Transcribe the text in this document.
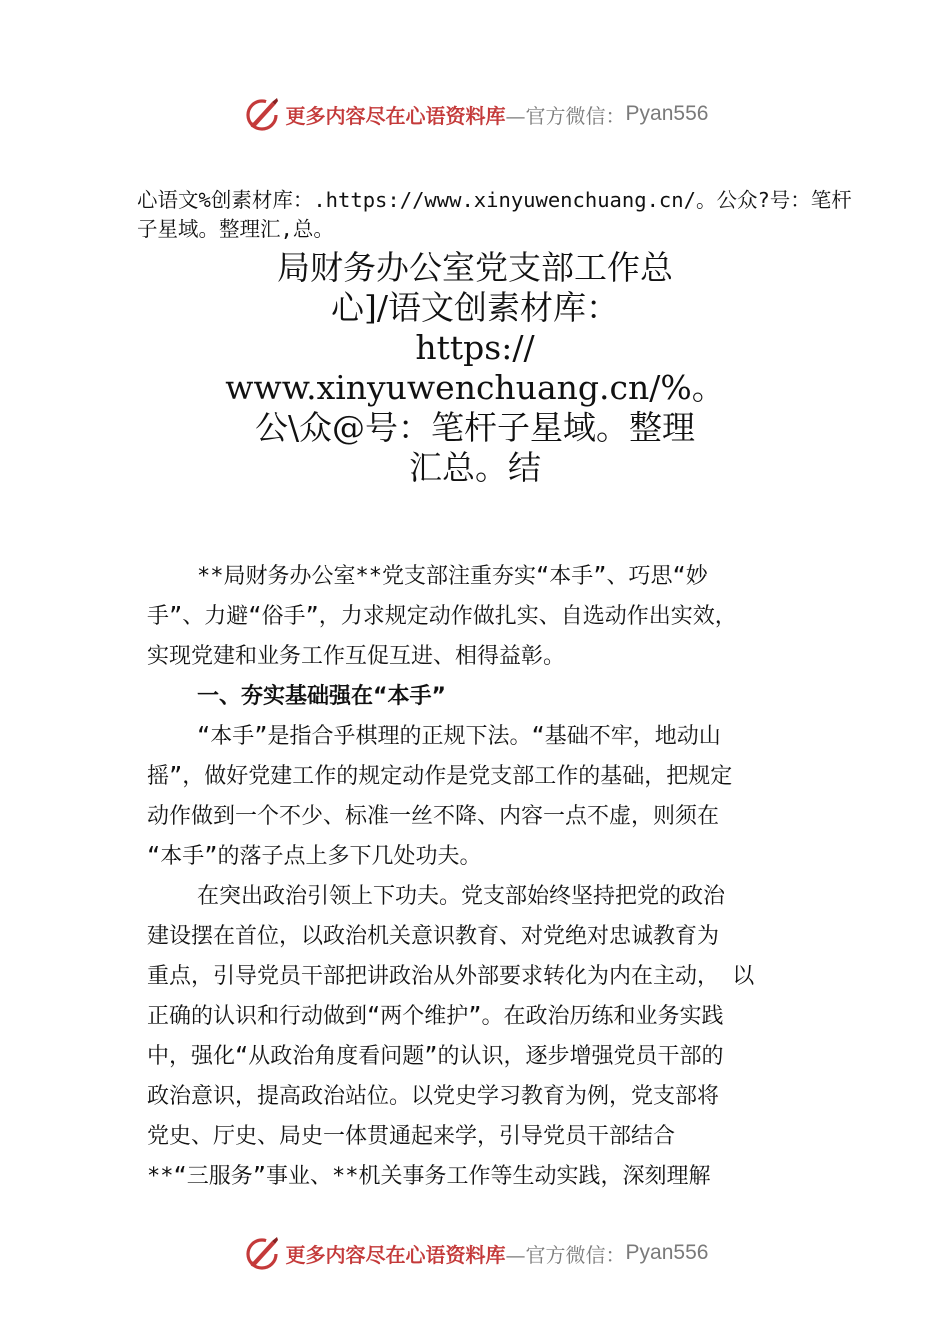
更多内容尽在心语资料库 —官方微信： Pyan556
心语文%创素材库：.https://www.xinyuwenchuang.cn/。公众?号：笔杆子星域。整理汇,总。
局财务办公室党支部工作总
心]/语文创素材库：
https://
www.xinyuwenchuang.cn/%。
公\众@号：笔杆子星域。整理
汇总。结
**局财务办公室**党支部注重夯实“本手”、巧思“妙
手”、力避“俗手”，力求规定动作做扎实、自选动作出实效，
实现党建和业务工作互促互进、相得益彰。
一、夯实基础强在“本手”
“本手”是指合乎棋理的正规下法。“基础不牢，地动山
摇”，做好党建工作的规定动作是党支部工作的基础，把规定
动作做到一个不少、标准一丝不降、内容一点不虚，则须在
“本手”的落子点上多下几处功夫。
在突出政治引领上下功夫。党支部始终坚持把党的政治
建设摆在首位，以政治机关意识教育、对党绝对忠诚教育为
重点，引导党员干部把讲政治从外部要求转化为内在主动， 以
正确的认识和行动做到“两个维护”。在政治历练和业务实践
中，强化“从政治角度看问题”的认识，逐步增强党员干部的
政治意识，提高政治站位。以党史学习教育为例，党支部将
党史、厅史、局史一体贯通起来学，引导党员干部结合
**“三服务”事业、**机关事务工作等生动实践，深刻理解
更多内容尽在心语资料库 —官方微信： Pyan556
